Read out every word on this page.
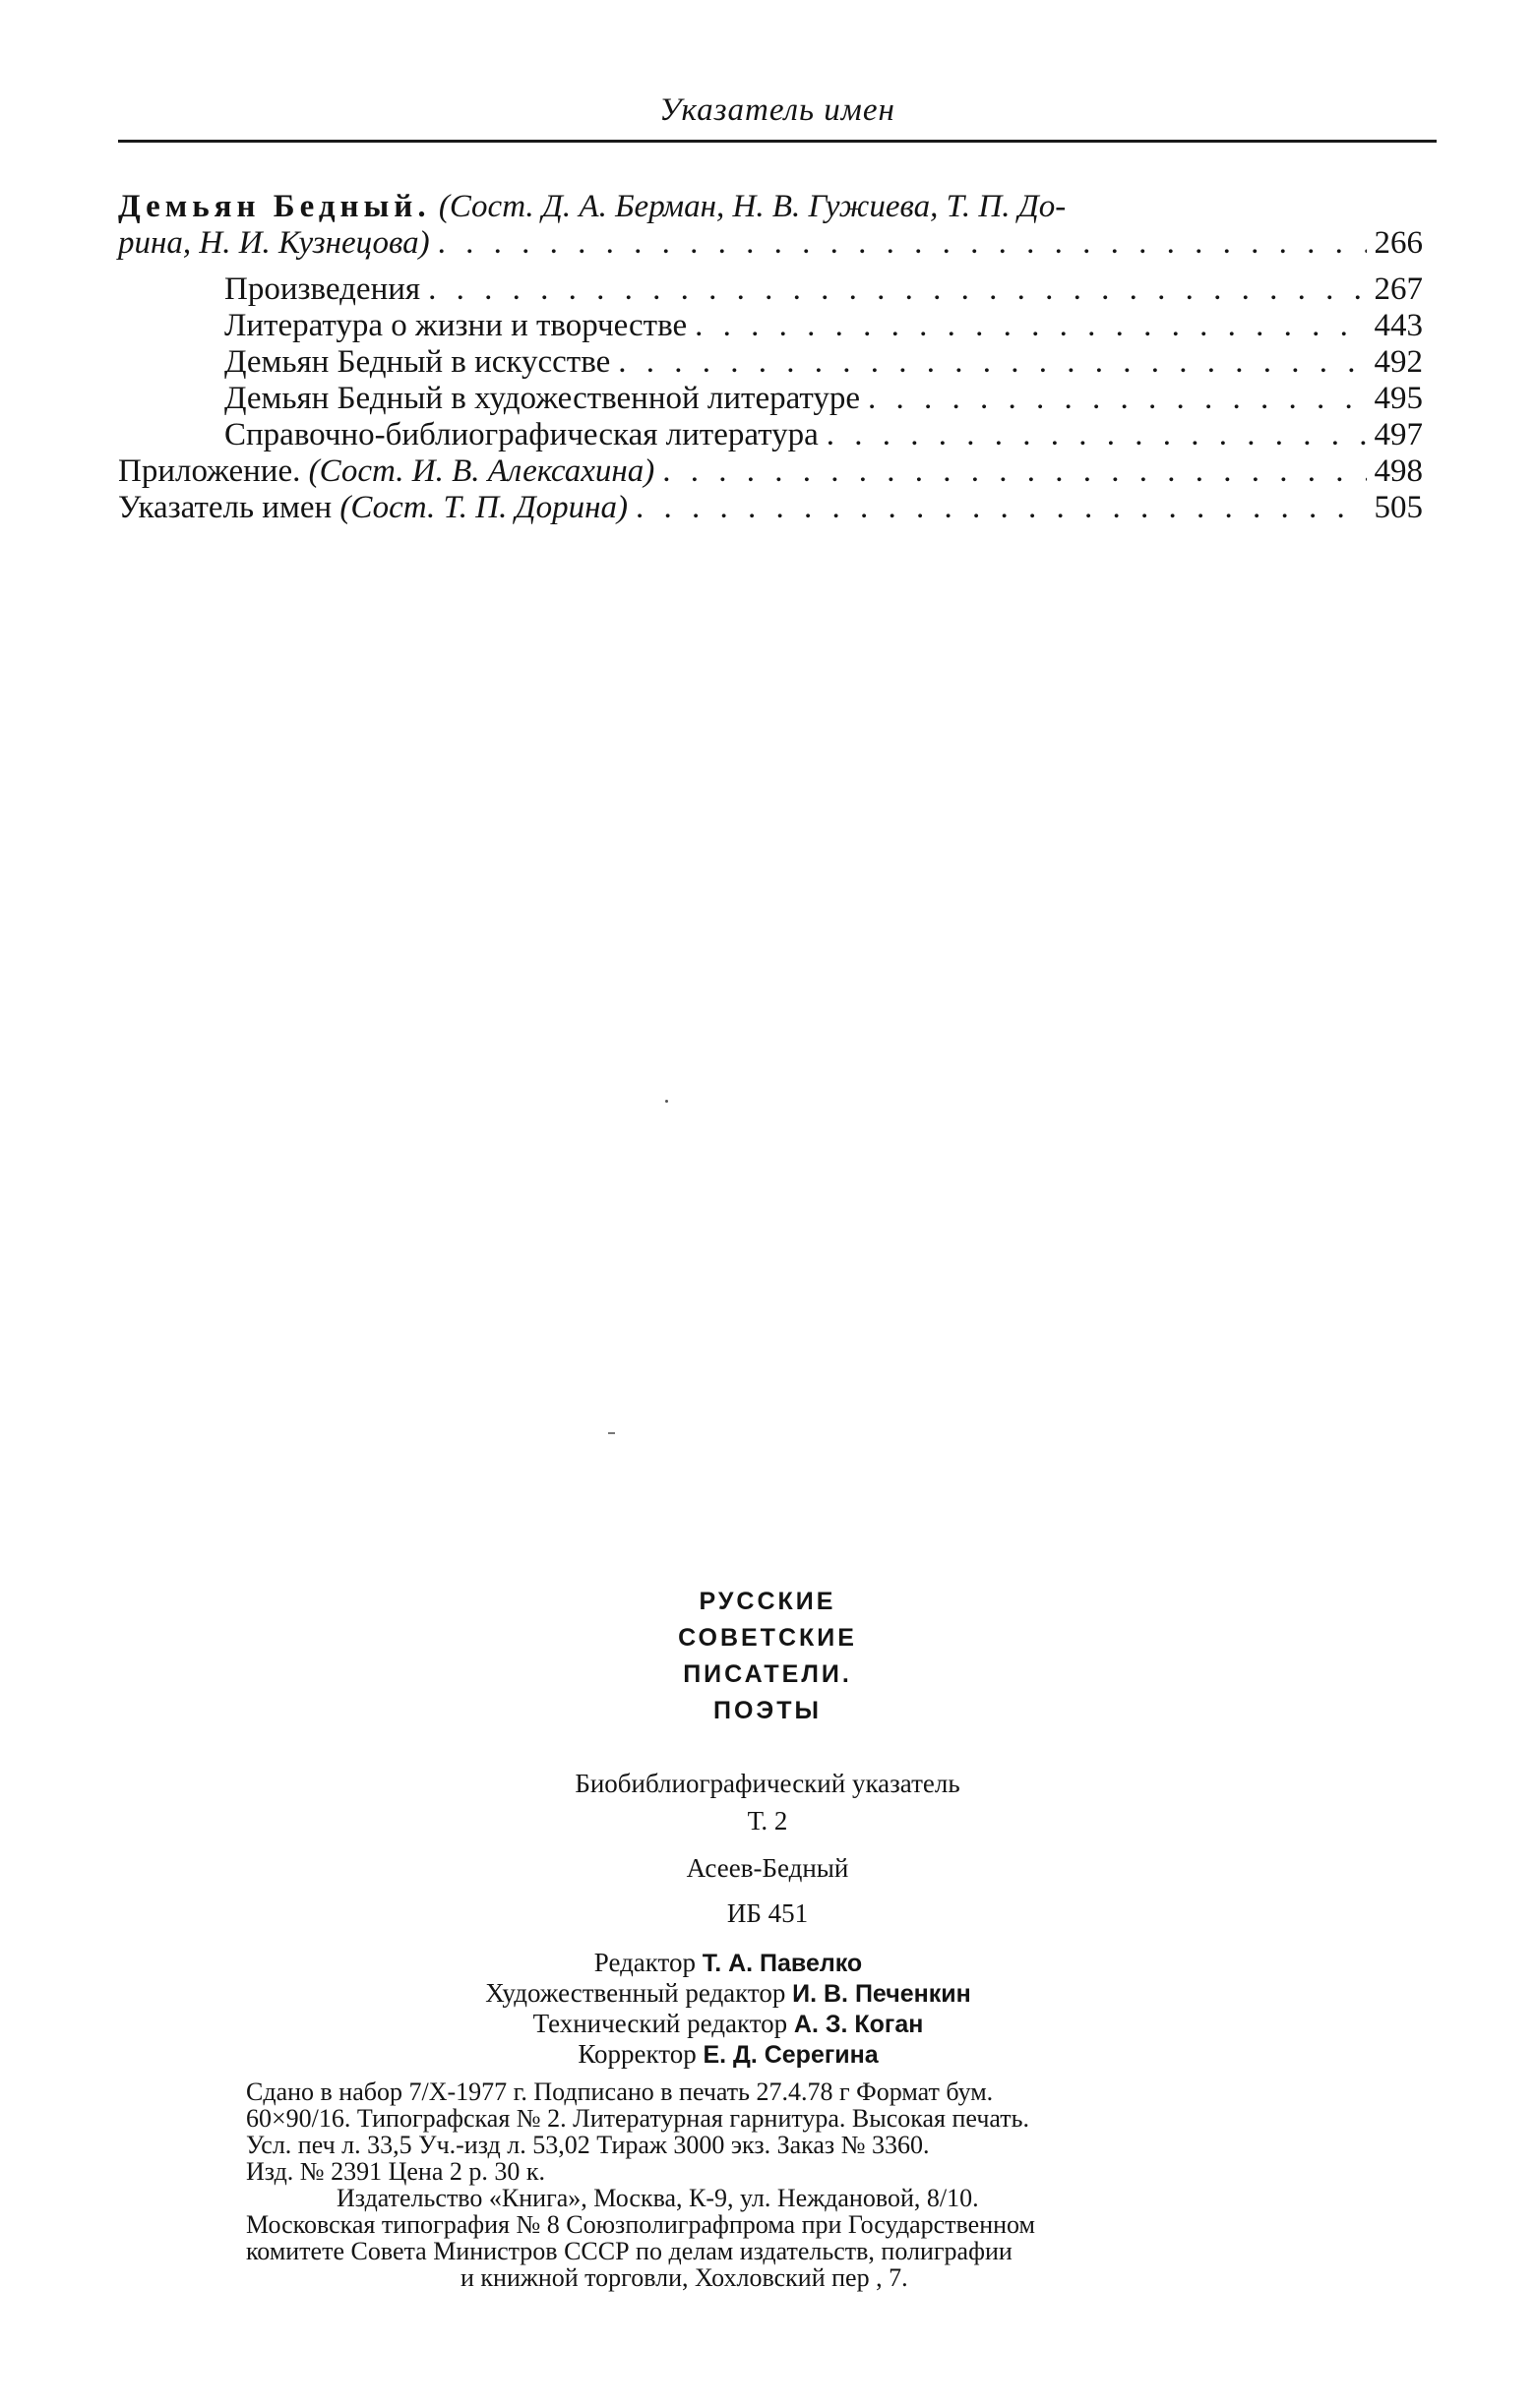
Указатель имен
Демьян Бедный. (Сост. Д. А. Берман, Н. В. Гужиева, Т. П. До-
рина, Н. И. Кузнецова) . . .	266
Произведения . . .	267
Литература о жизни и творчестве . . .	443
Демьян Бедный в искусстве . . .	492
Демьян Бедный в художественной литературе . . .	495
Справочно-библиографическая литература . . .	497
Приложение. (Сост. И. В. Алексахина) . . .	498
Указатель имен (Сост. Т. П. Дорина) . . .	505
РУССКИЕ
СОВЕТСКИЕ
ПИСАТЕЛИ.
ПОЭТЫ
Биобиблиографический указатель
Т. 2
Асеев-Бедный
ИБ 451
Редактор Т. А. Павелко
Художественный редактор И. В. Печенкин
Технический редактор А. З. Коган
Корректор Е. Д. Серегина
Сдано в набор 7/X-1977 г. Подписано в печать 27.4.78 г Формат бум.
60×90/16. Типографская № 2. Литературная гарнитура. Высокая печать.
Усл. печ л. 33,5 Уч.-изд л. 53,02 Тираж 3000 экз. Заказ № 3360.
Изд. № 2391 Цена 2 р. 30 к.
Издательство «Книга», Москва, К-9, ул. Неждановой, 8/10.
Московская типография № 8 Союзполиграфпрома при Государственном
комитете Совета Министров СССР по делам издательств, полиграфии
и книжной торговли, Хохловский пер , 7.
